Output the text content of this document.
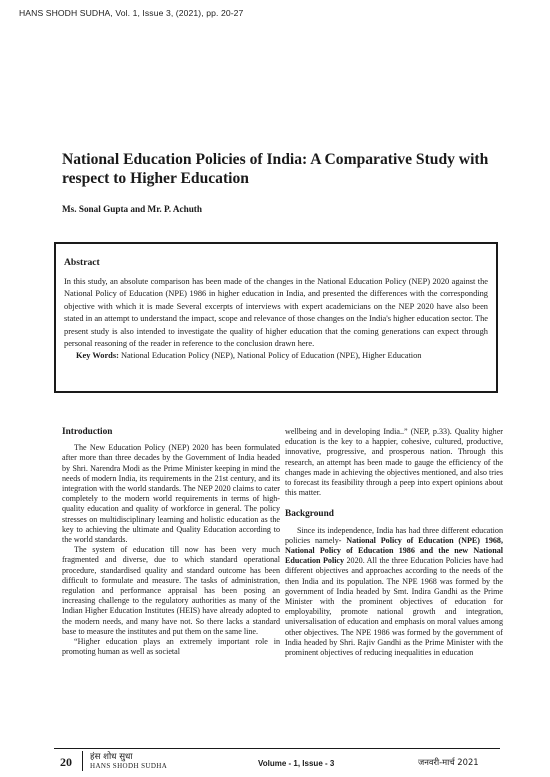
HANS SHODH SUDHA, Vol. 1, Issue 3, (2021), pp. 20-27
National Education Policies of India: A Comparative Study with respect to Higher Education
Ms. Sonal Gupta and Mr. P. Achuth
Abstract

In this study, an absolute comparison has been made of the changes in the National Education Policy (NEP) 2020 against the National Policy of Education (NPE) 1986 in higher education in India, and presented the differences with the corresponding objective with which it is made Several excerpts of interviews with expert academicians on the NEP 2020 have also been stated in an attempt to understand the impact, scope and relevance of those changes on the India's higher education sector. The present study is also intended to investigate the quality of higher education that the coming generations can expect through personal reasoning of the reader in reference to the conclusion drawn here.

Key Words: National Education Policy (NEP), National Policy of Education (NPE), Higher Education

Introduction

The New Education Policy (NEP) 2020 has been formulated after more than three decades by the Government of India headed by Shri. Narendra Modi as the Prime Minister keeping in mind the needs of modern India, its requirements in the 21st century, and its integration with the world standards. The NEP 2020 claims to cater completely to the modern world requirements in terms of high-quality education and quality of workforce in general. The policy stresses on multidisciplinary learning and holistic education as the key to achieving the ultimate and Quality Education according to the world standards.

The system of education till now has been very much fragmented and diverse, due to which standard operational procedure, standardised quality and standard outcome has been difficult to formulate and measure. The tasks of administration, regulation and performance appraisal has been posing an increasing challenge to the regulatory authorities as many of the Indian Higher Education Institutes (HEIS) have already adopted to the modern needs, and many have not. So there lacks a standard base to measure the institutes and put them on the same line.

“Higher education plays an extremely important role in promoting human as well as societal

wellbeing and in developing India..” (NEP, p.33). Quality higher education is the key to a happier, cohesive, cultured, productive, innovative, progressive, and prosperous nation. Through this research, an attempt has been made to gauge the efficiency of the changes made in achieving the objectives mentioned, and also tries to forecast its feasibility through a peep into expert opinions about this matter.

Background

Since its independence, India has had three different education policies namely- National Policy of Education (NPE) 1968, National Policy of Education 1986 and the new National Education Policy 2020. All the three Education Policies have had different objectives and approaches according to the needs of the then India and its population. The NPE 1968 was formed by the government of India headed by Smt. Indira Gandhi as the Prime Minister with the prominent objectives of education for employability, promote national growth and integration, universalisation of education and emphasis on moral values among other objectives. The NPE 1986 was formed by the government of India headed by Shri. Rajiv Gandhi as the Prime Minister with the prominent objectives of reducing inequalities in education

20 हंस शोध सुधा
HANS SHODH SUDHA	Volume - 1, Issue - 3	जनवरी-मार्च 2021
